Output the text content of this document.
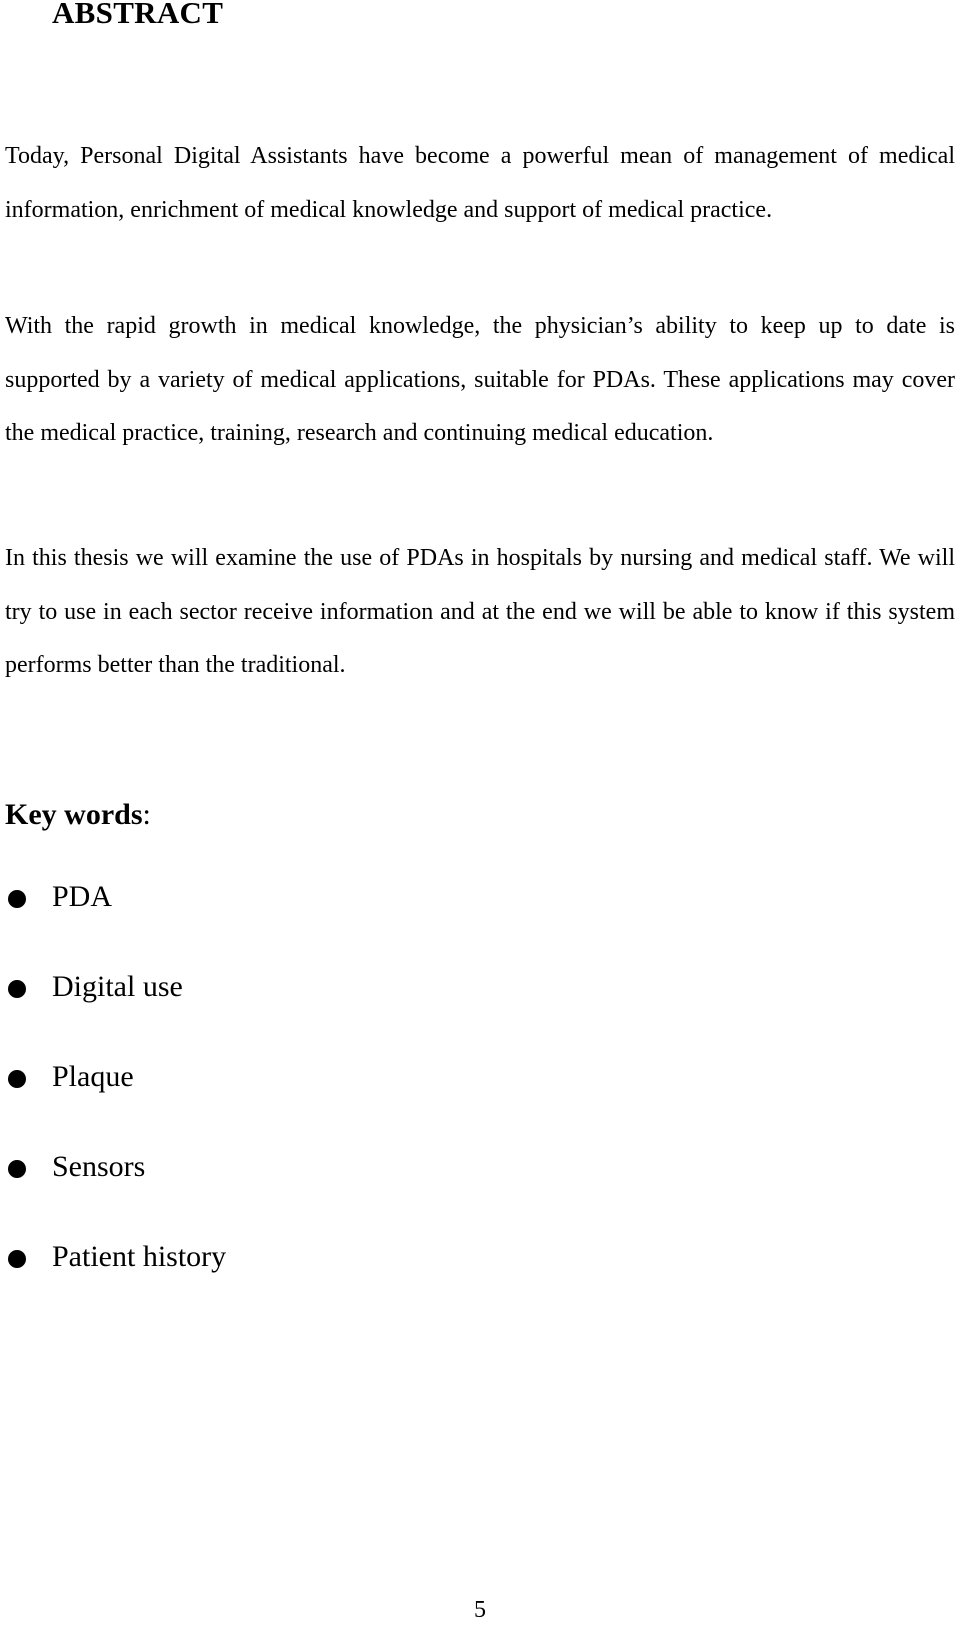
ABSTRACT

Today, Personal Digital Assistants have become a powerful mean of management of medical information, enrichment of medical knowledge and support of medical practice.

With the rapid growth in medical knowledge, the physician’s ability to keep up to date is supported by a variety of medical applications, suitable for PDAs. These applications may cover the medical practice, training, research and continuing medical education.

In this thesis we will examine the use of PDAs in hospitals by nursing and medical staff. We will try to use in each sector receive information and at the end we will be able to know if this system performs better than the traditional.

Key words:
PDA
Digital use
Plaque
Sensors
Patient history
5
